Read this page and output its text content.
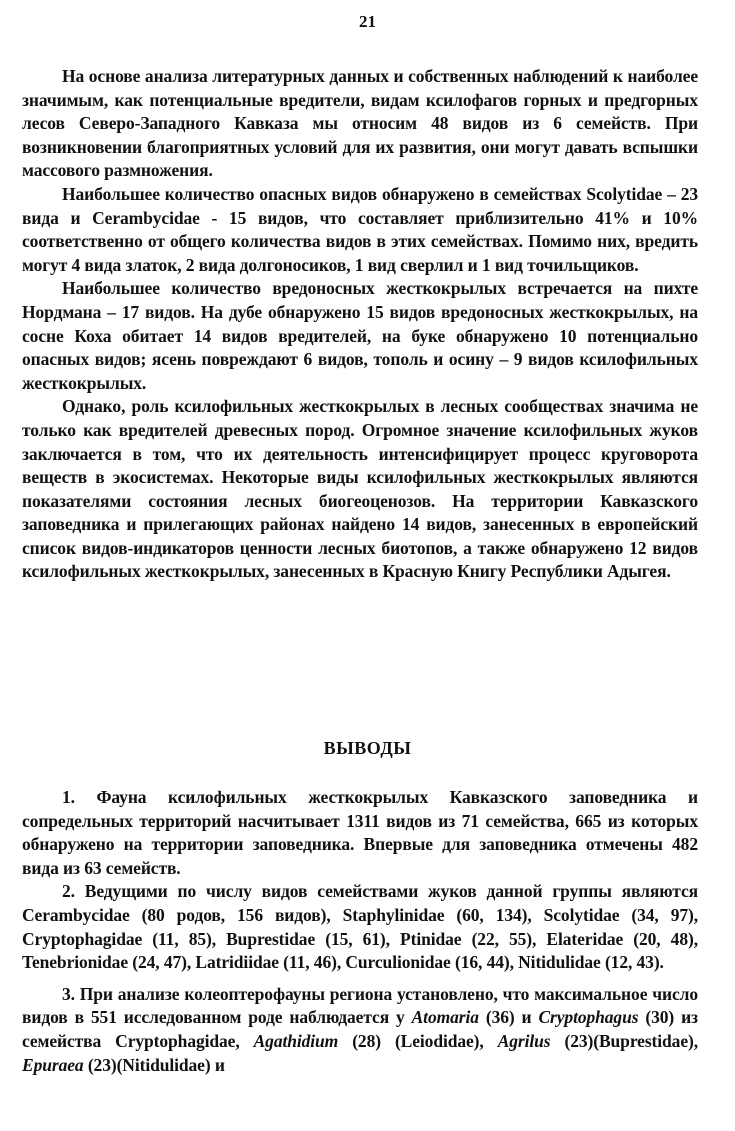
21

На основе анализа литературных данных и собственных наблюдений к наиболее значимым, как потенциальные вредители, видам ксилофагов горных и предгорных лесов Северо-Западного Кавказа мы относим 48 видов из 6 семейств. При возникновении благоприятных условий для их развития, они могут давать вспышки массового размножения.

Наибольшее количество опасных видов обнаружено в семействах Scolytidae – 23 вида и Cerambycidae - 15 видов, что составляет приблизительно 41% и 10% соответственно от общего количества видов в этих семействах. Помимо них, вредить могут 4 вида златок, 2 вида долгоносиков, 1 вид сверлил и 1 вид точильщиков.

Наибольшее количество вредоносных жесткокрылых встречается на пихте Нордмана – 17 видов. На дубе обнаружено 15 видов вредоносных жесткокрылых, на сосне Коха обитает 14 видов вредителей, на буке обнаружено 10 потенциально опасных видов; ясень повреждают 6 видов, тополь и осину – 9 видов ксилофильных жесткокрылых.

Однако, роль ксилофильных жесткокрылых в лесных сообществах значима не только как вредителей древесных пород. Огромное значение ксилофильных жуков заключается в том, что их деятельность интенсифицирует процесс круговорота веществ в экосистемах. Некоторые виды ксилофильных жесткокрылых являются показателями состояния лесных биогеоценозов. На территории Кавказского заповедника и прилегающих районах найдено 14 видов, занесенных в европейский список видов-индикаторов ценности лесных биотопов, а также обнаружено 12 видов ксилофильных жесткокрылых, занесенных в Красную Книгу Республики Адыгея.

ВЫВОДЫ

1. Фауна ксилофильных жесткокрылых Кавказского заповедника и сопредельных территорий насчитывает 1311 видов из 71 семейства, 665 из которых обнаружено на территории заповедника. Впервые для заповедника отмечены 482 вида из 63 семейств.

2. Ведущими по числу видов семействами жуков данной группы являются Cerambycidae (80 родов, 156 видов), Staphylinidae (60, 134), Scolytidae (34, 97), Cryptophagidae (11, 85), Buprestidae (15, 61), Ptinidae (22, 55), Elateridae (20, 48), Tenebrionidae (24, 47), Latridiidae (11, 46), Curculionidae (16, 44), Nitidulidae (12, 43).

3. При анализе колеоптерофауны региона установлено, что максимальное число видов в 551 исследованном роде наблюдается у Atomaria (36) и Cryptophagus (30) из семейства Cryptophagidae, Agathidium (28) (Leiodidae), Agrilus (23)(Buprestidae), Epuraea (23)(Nitidulidae) и
